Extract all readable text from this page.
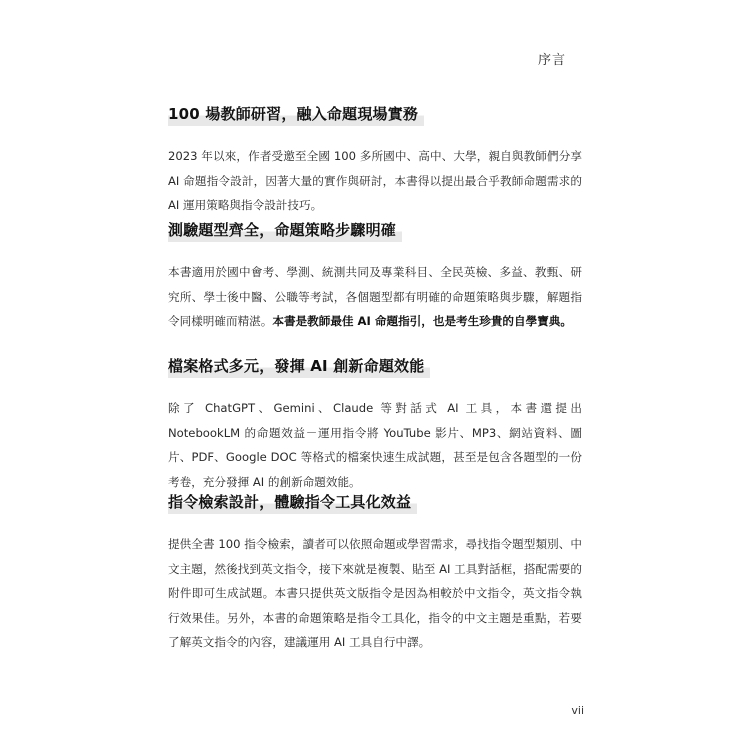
序言
100 場教師研習，融入命題現場實務

2023 年以來，作者受邀至全國 100 多所國中、高中、大學，親自與教師們分享 AI 命題指令設計，因著大量的實作與研討，本書得以提出最合乎教師命題需求的 AI 運用策略與指令設計技巧。

測驗題型齊全，命題策略步驟明確

本書適用於國中會考、學測、統測共同及專業科目、全民英檢、多益、教甄、研究所、學士後中醫、公職等考試，各個題型都有明確的命題策略與步驟，解題指令同樣明確而精湛。本書是教師最佳 AI 命題指引，也是考生珍貴的自學寶典。

檔案格式多元，發揮 AI 創新命題效能

除了 ChatGPT、Gemini、Claude 等對話式 AI 工具，本書還提出 NotebookLM 的命題效益－運用指令將 YouTube 影片、MP3、網站資料、圖片、PDF、Google DOC 等格式的檔案快速生成試題，甚至是包含各題型的一份考卷，充分發揮 AI 的創新命題效能。

指令檢索設計，體驗指令工具化效益

提供全書 100 指令檢索，讀者可以依照命題或學習需求，尋找指令題型類別、中文主題，然後找到英文指令，接下來就是複製、貼至 AI 工具對話框，搭配需要的附件即可生成試題。本書只提供英文版指令是因為相較於中文指令，英文指令執行效果佳。另外，本書的命題策略是指令工具化，指令的中文主題是重點，若要了解英文指令的內容，建議運用 AI 工具自行中譯。

vii
